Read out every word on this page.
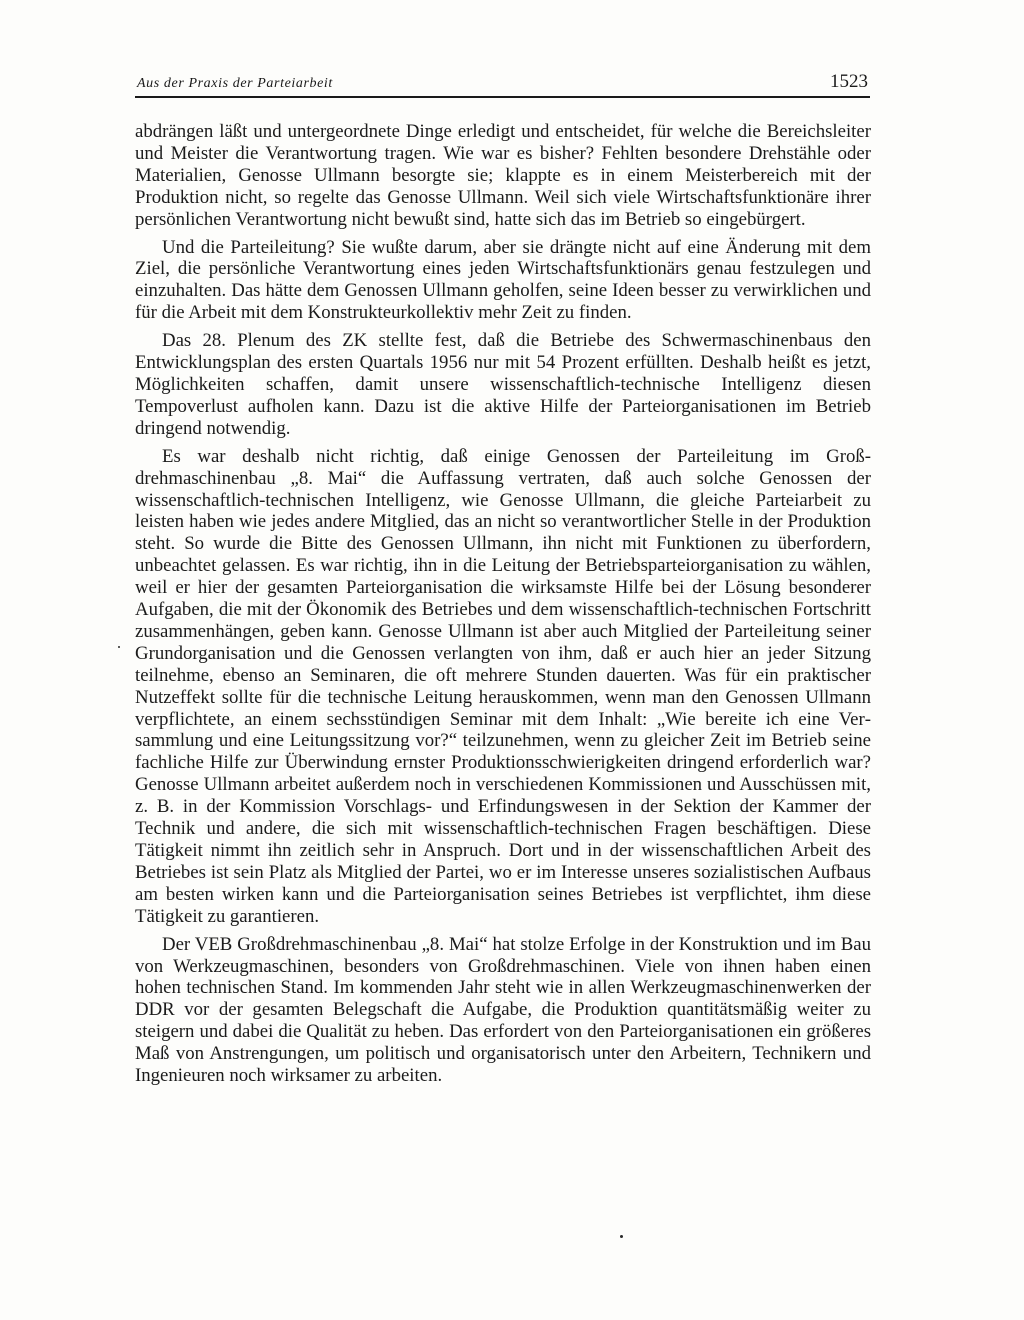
Aus der Praxis der Parteiarbeit	1523

abdrängen läßt und untergeordnete Dinge erledigt und entscheidet, für welche die Bereichsleiter und Meister die Verantwortung tragen. Wie war es bisher? Fehlten besondere Drehstähle oder Materialien, Genosse Ullmann besorgte sie; klappte es in einem Meisterbereich mit der Produktion nicht, so regelte das Genosse Ullmann. Weil sich viele Wirtschaftsfunktionäre ihrer persönlichen Verantwortung nicht bewußt sind, hatte sich das im Betrieb so eingebürgert.

Und die Parteileitung? Sie wußte darum, aber sie drängte nicht auf eine Änderung mit dem Ziel, die persönliche Verantwortung eines jeden Wirtschaftsfunktionärs genau festzulegen und einzuhalten. Das hätte dem Genossen Ullmann geholfen, seine Ideen besser zu verwirklichen und für die Arbeit mit dem Konstrukteurkollektiv mehr Zeit zu finden.

Das 28. Plenum des ZK stellte fest, daß die Betriebe des Schwermaschinenbaus den Entwicklungsplan des ersten Quartals 1956 nur mit 54 Prozent erfüllten. Deshalb heißt es jetzt, Möglichkeiten schaffen, damit unsere wissenschaftlich-technische Intelligenz diesen Tempoverlust aufholen kann. Dazu ist die aktive Hilfe der Parteiorganisationen im Betrieb dringend notwendig.

Es war deshalb nicht richtig, daß einige Genossen der Parteileitung im Großdrehmaschinenbau „8. Mai“ die Auffassung vertraten, daß auch solche Genossen der wissenschaftlich-technischen Intelligenz, wie Genosse Ullmann, die gleiche Parteiarbeit zu leisten haben wie jedes andere Mitglied, das an nicht so verantwortlicher Stelle in der Produktion steht. So wurde die Bitte des Genossen Ullmann, ihn nicht mit Funktionen zu überfordern, unbeachtet gelassen. Es war richtig, ihn in die Leitung der Betriebsparteiorganisation zu wählen, weil er hier der gesamten Parteiorganisation die wirksamste Hilfe bei der Lösung besonderer Aufgaben, die mit der Ökonomik des Betriebes und dem wissenschaftlich-technischen Fortschritt zusammenhängen, geben kann. Genosse Ullmann ist aber auch Mitglied der Parteileitung seiner Grundorganisation und die Genossen verlangten von ihm, daß er auch hier an jeder Sitzung teilnehme, ebenso an Seminaren, die oft mehrere Stunden dauerten. Was für ein praktischer Nutzeffekt sollte für die technische Leitung herauskommen, wenn man den Genossen Ullmann verpflichtete, an einem sechsstündigen Seminar mit dem Inhalt: „Wie bereite ich eine Versammlung und eine Leitungssitzung vor?“ teilzunehmen, wenn zu gleicher Zeit im Betrieb seine fachliche Hilfe zur Überwindung ernster Produktionsschwierigkeiten dringend erforderlich war? Genosse Ullmann arbeitet außerdem noch in verschiedenen Kommissionen und Ausschüssen mit, z. B. in der Kommission Vorschlags- und Erfindungswesen in der Sektion der Kammer der Technik und andere, die sich mit wissenschaftlich-technischen Fragen beschäftigen. Diese Tätigkeit nimmt ihn zeitlich sehr in Anspruch. Dort und in der wissenschaftlichen Arbeit des Betriebes ist sein Platz als Mitglied der Partei, wo er im Interesse unseres sozialistischen Aufbaus am besten wirken kann und die Parteiorganisation seines Betriebes ist verpflichtet, ihm diese Tätigkeit zu garantieren.

Der VEB Großdrehmaschinenbau „8. Mai“ hat stolze Erfolge in der Konstruktion und im Bau von Werkzeugmaschinen, besonders von Großdrehmaschinen. Viele von ihnen haben einen hohen technischen Stand. Im kommenden Jahr steht wie in allen Werkzeugmaschinenwerken der DDR vor der gesamten Belegschaft die Aufgabe, die Produktion quantitätsmäßig weiter zu steigern und dabei die Qualität zu heben. Das erfordert von den Parteiorganisationen ein größeres Maß von Anstrengungen, um politisch und organisatorisch unter den Arbeitern, Technikern und Ingenieuren noch wirksamer zu arbeiten.
